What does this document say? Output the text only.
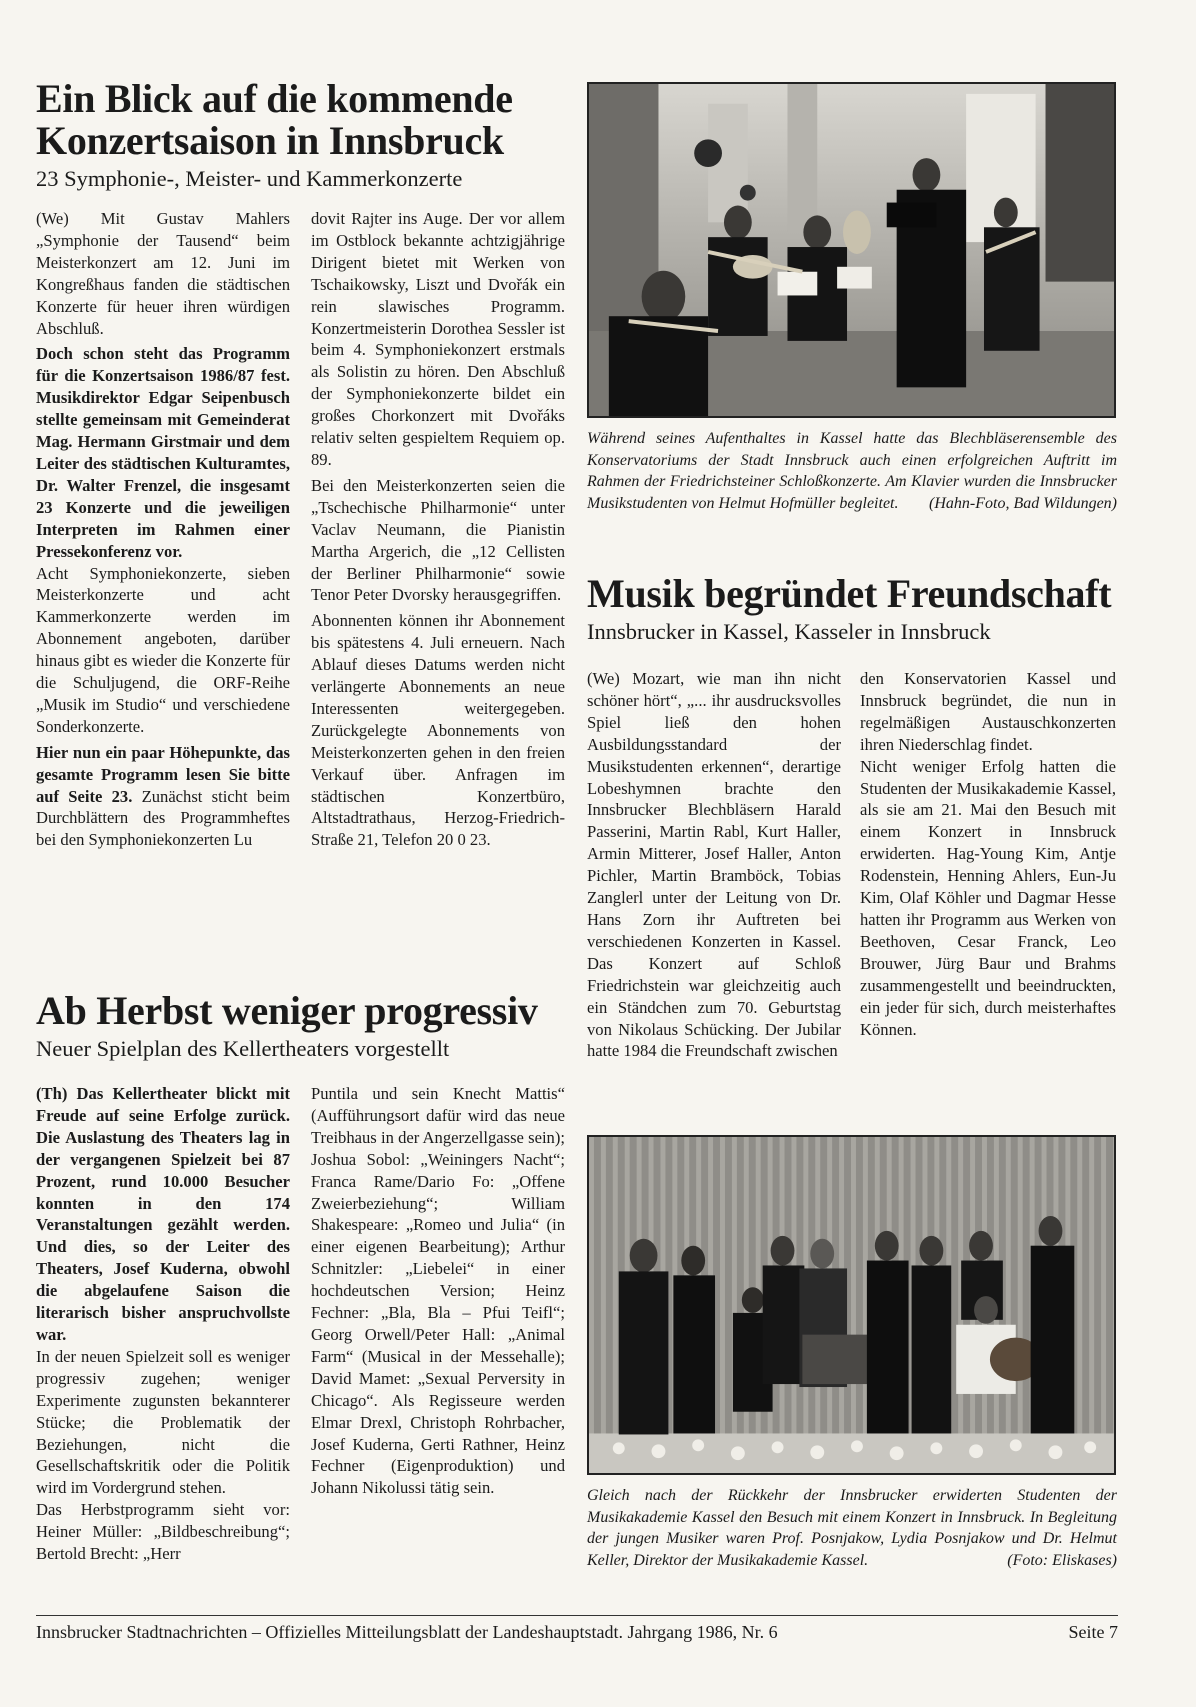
Ein Blick auf die kommende
Konzertsaison in Innsbruck

23 Symphonie-, Meister- und Kammerkonzerte

(We) Mit Gustav Mahlers „Symphonie der Tausend“ beim Meisterkonzert am 12. Juni im Kongreßhaus fanden die städtischen Konzerte für heuer ihren würdigen Abschluß.

Doch schon steht das Programm für die Konzertsaison 1986/87 fest. Musikdirektor Edgar Seipenbusch stellte gemeinsam mit Gemeinderat Mag. Hermann Girstmair und dem Leiter des städtischen Kulturamtes, Dr. Walter Frenzel, die insgesamt 23 Konzerte und die jeweiligen Interpreten im Rahmen einer Pressekonferenz vor.

Acht Symphoniekonzerte, sieben Meisterkonzerte und acht Kammerkonzerte werden im Abonnement angeboten, darüber hinaus gibt es wieder die Konzerte für die Schuljugend, die ORF-Reihe „Musik im Studio“ und verschiedene Sonderkonzerte.

Hier nun ein paar Höhepunkte, das gesamte Programm lesen Sie bitte auf Seite 23. Zunächst sticht beim Durchblättern des Programmheftes bei den Symphoniekonzerten Lu

dovit Rajter ins Auge. Der vor allem im Ostblock bekannte achtzigjährige Dirigent bietet mit Werken von Tschaikowsky, Liszt und Dvořák ein rein slawisches Programm. Konzertmeisterin Dorothea Sessler ist beim 4. Symphoniekonzert erstmals als Solistin zu hören. Den Abschluß der Symphoniekonzerte bildet ein großes Chorkonzert mit Dvořáks relativ selten gespieltem Requiem op. 89.

Bei den Meisterkonzerten seien die „Tschechische Philharmonie“ unter Vaclav Neumann, die Pianistin Martha Argerich, die „12 Cellisten der Berliner Philharmonie“ sowie Tenor Peter Dvorsky herausgegriffen.

Abonnenten können ihr Abonnement bis spätestens 4. Juli erneuern. Nach Ablauf dieses Datums werden nicht verlängerte Abonnements an neue Interessenten weitergegeben. Zurückgelegte Abonnements von Meisterkonzerten gehen in den freien Verkauf über. Anfragen im städtischen Konzertbüro, Altstadtrathaus, Herzog-Friedrich-Straße 21, Telefon 20 0 23.

Während seines Aufenthaltes in Kassel hatte das Blechbläserensemble des Konservatoriums der Stadt Innsbruck auch einen erfolgreichen Auftritt im Rahmen der Friedrichsteiner Schloßkonzerte. Am Klavier wurden die Innsbrucker Musikstudenten von Helmut Hofmüller begleitet. (Hahn-Foto, Bad Wildungen)

Musik begründet Freundschaft

Innsbrucker in Kassel, Kasseler in Innsbruck

(We) Mozart, wie man ihn nicht schöner hört“, „... ihr ausdrucksvolles Spiel ließ den hohen Ausbildungsstandard der Musikstudenten erkennen“, derartige Lobeshymnen brachte den Innsbrucker Blechbläsern Harald Passerini, Martin Rabl, Kurt Haller, Armin Mitterer, Josef Haller, Anton Pichler, Martin Bramböck, Tobias Zanglerl unter der Leitung von Dr. Hans Zorn ihr Auftreten bei verschiedenen Konzerten in Kassel. Das Konzert auf Schloß Friedrichstein war gleichzeitig auch ein Ständchen zum 70. Geburtstag von Nikolaus Schücking. Der Jubilar hatte 1984 die Freundschaft zwischen

den Konservatorien Kassel und Innsbruck begründet, die nun in regelmäßigen Austauschkonzerten ihren Niederschlag findet.

Nicht weniger Erfolg hatten die Studenten der Musikakademie Kassel, als sie am 21. Mai den Besuch mit einem Konzert in Innsbruck erwiderten. Hag-Young Kim, Antje Rodenstein, Henning Ahlers, Eun-Ju Kim, Olaf Köhler und Dagmar Hesse hatten ihr Programm aus Werken von Beethoven, Cesar Franck, Leo Brouwer, Jürg Baur und Brahms zusammengestellt und beeindruckten, ein jeder für sich, durch meisterhaftes Können.

Ab Herbst weniger progressiv

Neuer Spielplan des Kellertheaters vorgestellt

(Th) Das Kellertheater blickt mit Freude auf seine Erfolge zurück. Die Auslastung des Theaters lag in der vergangenen Spielzeit bei 87 Prozent, rund 10.000 Besucher konnten in den 174 Veranstaltungen gezählt werden. Und dies, so der Leiter des Theaters, Josef Kuderna, obwohl die abgelaufene Saison die literarisch bisher anspruchvollste war.

In der neuen Spielzeit soll es weniger progressiv zugehen; weniger Experimente zugunsten bekannterer Stücke; die Problematik der Beziehungen, nicht die Gesellschaftskritik oder die Politik wird im Vordergrund stehen.

Das Herbstprogramm sieht vor: Heiner Müller: „Bildbeschreibung“; Bertold Brecht: „Herr

Puntila und sein Knecht Mattis“ (Aufführungsort dafür wird das neue Treibhaus in der Angerzellgasse sein); Joshua Sobol: „Weiningers Nacht“; Franca Rame/Dario Fo: „Offene Zweierbeziehung“; William Shakespeare: „Romeo und Julia“ (in einer eigenen Bearbeitung); Arthur Schnitzler: „Liebelei“ in einer hochdeutschen Version; Heinz Fechner: „Bla, Bla – Pfui Teifl“; Georg Orwell/Peter Hall: „Animal Farm“ (Musical in der Messehalle); David Mamet: „Sexual Perversity in Chicago“. Als Regisseure werden Elmar Drexl, Christoph Rohrbacher, Josef Kuderna, Gerti Rathner, Heinz Fechner (Eigenproduktion) und Johann Nikolussi tätig sein.	Gleich nach der Rückkehr der Innsbrucker erwiderten Studenten der Musikakademie Kassel den Besuch mit einem Konzert in Innsbruck. In Begleitung der jungen Musiker waren Prof. Posnjakow, Lydia Posnjakow und Dr. Helmut Keller, Direktor der Musikakademie Kassel.	(Foto: Eliskases)

Innsbrucker Stadtnachrichten – Offizielles Mitteilungsblatt der Landeshauptstadt. Jahrgang 1986, Nr. 6	Seite 7
